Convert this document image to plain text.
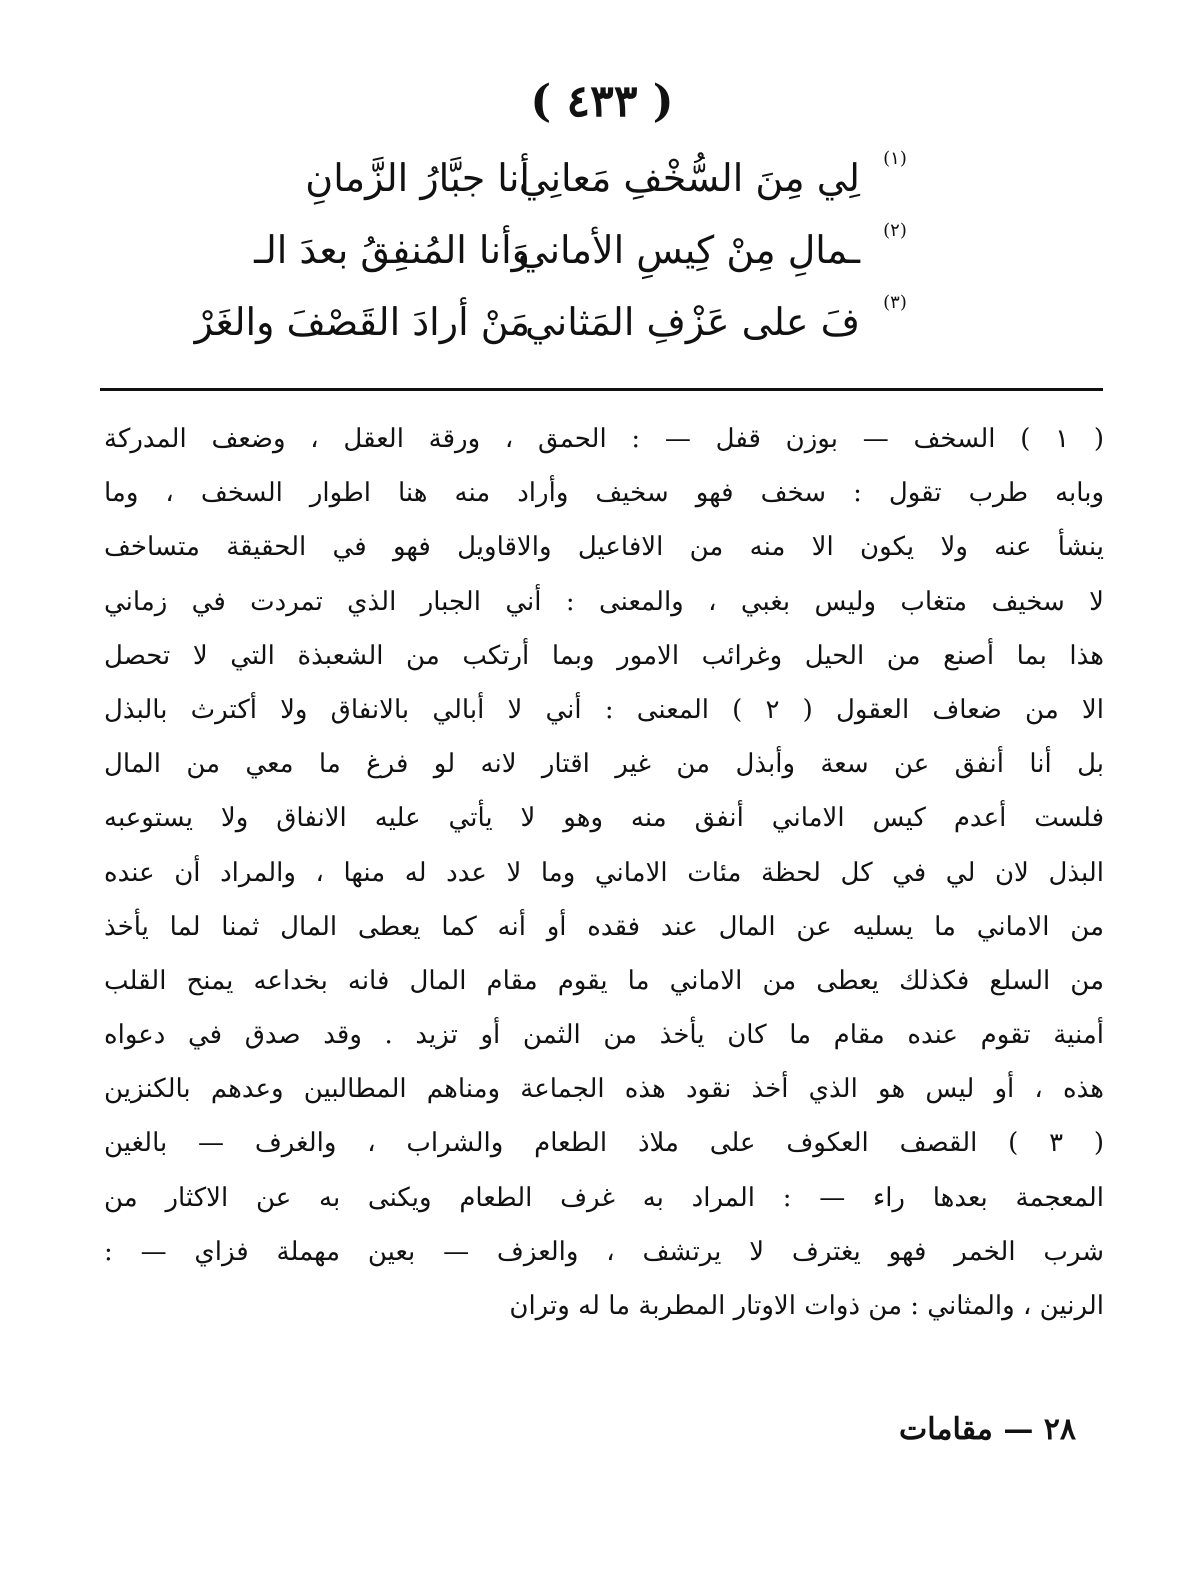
( ٤٣٣ )
أنا جبَّارُ الزَّمانِ
لِي مِنَ السُّخْفِ مَعانِي	(١)
وَأنا المُنفِقُ بعدَ الـ
ـمالِ مِنْ كِيسِ الأماني	(٢)
مَنْ أرادَ القَصْفَ والغَرْ
فَ على عَزْفِ المَثاني	(٣)
( ١ ) السخف — بوزن قفل — : الحمق ، ورقة العقل ، وضعف المدركة
وبابه طرب تقول : سخف فهو سخيف وأراد منه هنا اطوار السخف ، وما
ينشأ عنه ولا يكون الا منه من الافاعيل والاقاويل فهو في الحقيقة متساخف
لا سخيف متغاب وليس بغبي ، والمعنى : أني الجبار الذي تمردت في زماني
هذا بما أصنع من الحيل وغرائب الامور وبما أرتكب من الشعبذة التي لا تحصل
الا من ضعاف العقول ( ٢ ) المعنى : أني لا أبالي بالانفاق ولا أكترث بالبذل
بل أنا أنفق عن سعة وأبذل من غير اقتار لانه لو فرغ ما معي من المال
فلست أعدم كيس الاماني أنفق منه وهو لا يأتي عليه الانفاق ولا يستوعبه
البذل لان لي في كل لحظة مئات الاماني وما لا عدد له منها ، والمراد أن عنده
من الاماني ما يسليه عن المال عند فقده أو أنه كما يعطى المال ثمنا لما يأخذ
من السلع فكذلك يعطى من الاماني ما يقوم مقام المال فانه بخداعه يمنح القلب
أمنية تقوم عنده مقام ما كان يأخذ من الثمن أو تزيد . وقد صدق في دعواه
هذه ، أو ليس هو الذي أخذ نقود هذه الجماعة ومناهم المطالبين وعدهم بالكنزين
( ٣ ) القصف العكوف على ملاذ الطعام والشراب ، والغرف — بالغين
المعجمة بعدها راء — : المراد به غرف الطعام ويكنى به عن الاكثار من
شرب الخمر فهو يغترف لا يرتشف ، والعزف — بعين مهملة فزاي — :
الرنين ، والمثاني : من ذوات الاوتار المطربة ما له وتران
٢٨ — مقامات
